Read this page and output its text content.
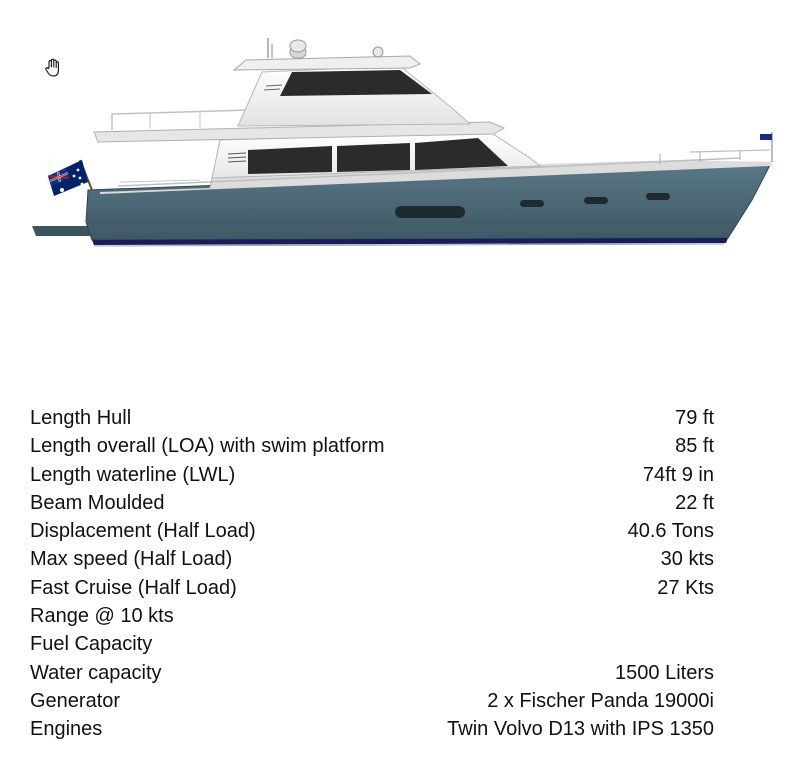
Length Hull	79 ft
Length overall (LOA) with swim platform	85 ft
Length waterline (LWL)	74ft 9 in
Beam Moulded	22 ft
Displacement (Half Load)	40.6 Tons
Max speed (Half Load)	30 kts
Fast Cruise (Half Load)	27 Kts
Range @ 10 kts
Fuel Capacity
Water capacity	1500 Liters
Generator	2 x Fischer Panda 19000i
Engines	Twin Volvo D13 with IPS 1350
